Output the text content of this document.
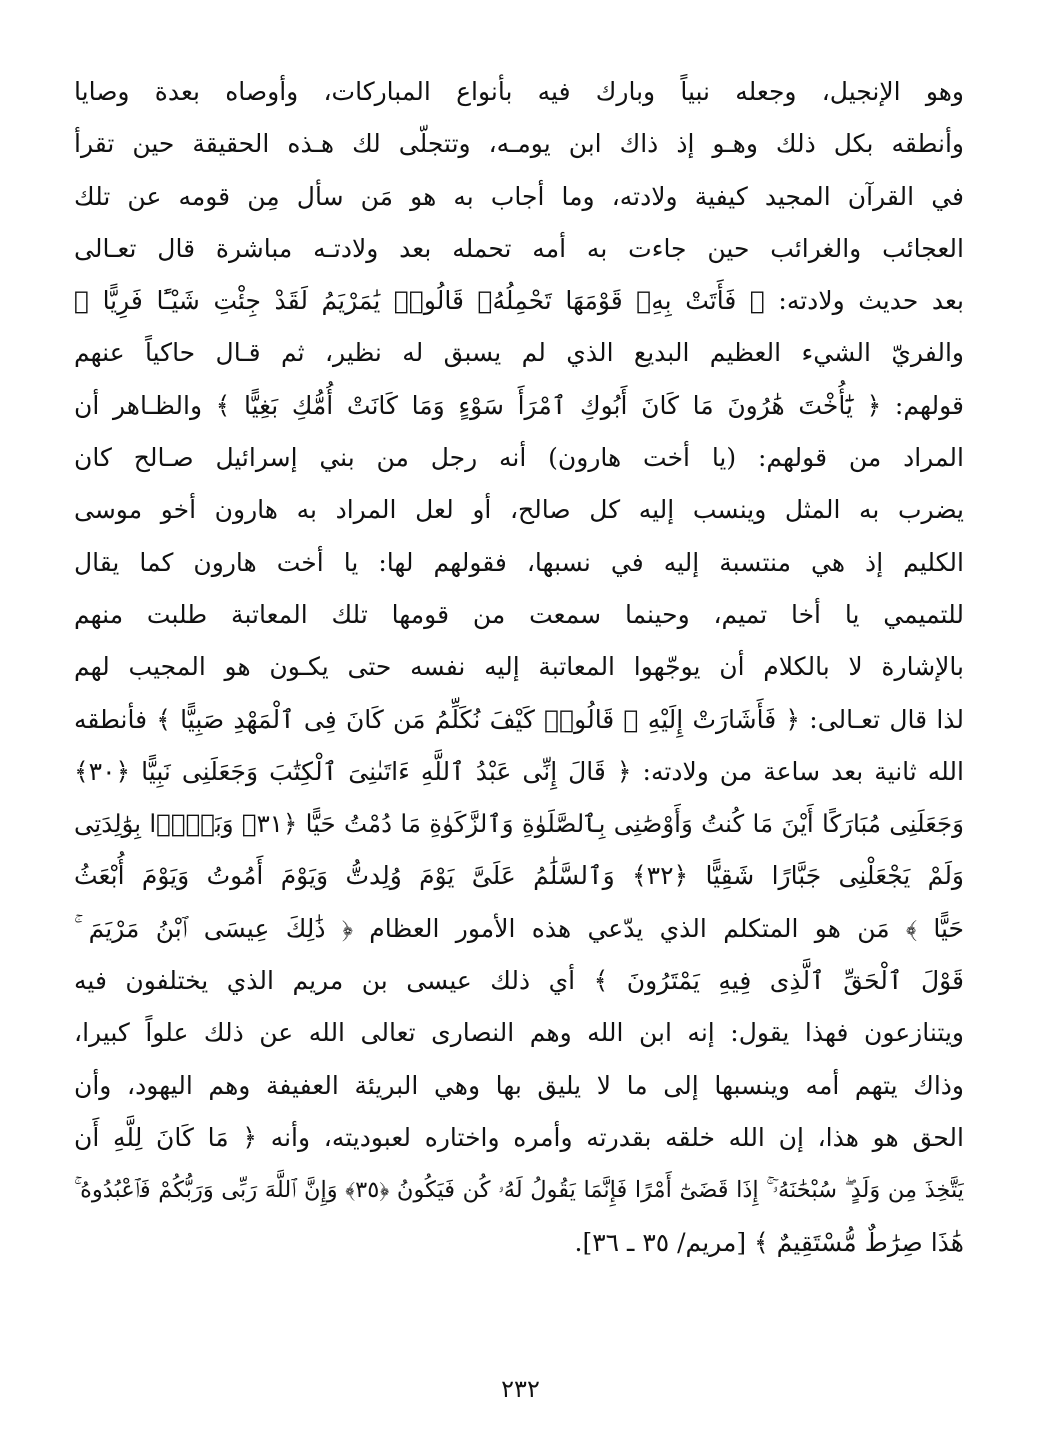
وهو الإنجيل، وجعله نبياً وبارك فيه بأنواع المباركات، وأوصاه بعدة وصايا
وأنطقه بكل ذلك وهـو إذ ذاك ابن يومـه، وتتجلّى لك هـذه الحقيقة حين تقرأ
في القرآن المجيد كيفية ولادته، وما أجاب به هو مَن سأل مِن قومه عن تلك
العجائب والغرائب حين جاءت به أمه تحمله بعد ولادتـه مباشرة قال تعـالى
بعد حديث ولادته: ﴿ فَأَتَتْ بِهِۦ قَوْمَهَا تَحْمِلُهُۥ قَالُوا۟ يَٰمَرْيَمُ لَقَدْ جِئْتِ شَيْـًٔا فَرِيًّا ﴾
والفريّ الشيء العظيم البديع الذي لم يسبق له نظير، ثم قـال حاكياً عنهم
قولهم: ﴿ يَٰٓأُخْتَ هَٰرُونَ مَا كَانَ أَبُوكِ ٱمْرَأَ سَوْءٍ وَمَا كَانَتْ أُمُّكِ بَغِيًّا ﴾ والظـاهر أن
المراد من قولهم: (يا أخت هارون) أنه رجل من بني إسرائيل صـالح كان
يضرب به المثل وينسب إليه كل صالح، أو لعل المراد به هارون أخو موسى
الكليم إذ هي منتسبة إليه في نسبها، فقولهم لها: يا أخت هارون كما يقال
للتميمي يا أخا تميم، وحينما سمعت من قومها تلك المعاتبة طلبت منهم
بالإشارة لا بالكلام أن يوجّهوا المعاتبة إليه نفسه حتى يكـون هو المجيب لهم
لذا قال تعـالى: ﴿ فَأَشَارَتْ إِلَيْهِ ۖ قَالُوا۟ كَيْفَ نُكَلِّمُ مَن كَانَ فِى ٱلْمَهْدِ صَبِيًّا ﴾ فأنطقه
الله ثانية بعد ساعة من ولادته: ﴿ قَالَ إِنِّى عَبْدُ ٱللَّهِ ءَاتَىٰنِىَ ٱلْكِتَٰبَ وَجَعَلَنِى نَبِيًّا ﴿٣٠﴾
وَجَعَلَنِى مُبَارَكًا أَيْنَ مَا كُنتُ وَأَوْصَٰنِى بِٱلصَّلَوٰةِ وَٱلزَّكَوٰةِ مَا دُمْتُ حَيًّا ﴿٣١﴾ وَبَرًّۢا بِوَٰلِدَتِى
وَلَمْ يَجْعَلْنِى جَبَّارًا شَقِيًّا ﴿٣٢﴾ وَٱلسَّلَٰمُ عَلَىَّ يَوْمَ وُلِدتُّ وَيَوْمَ أَمُوتُ وَيَوْمَ أُبْعَثُ
حَيًّا ﴾ مَن هو المتكلم الذي يدّعي هذه الأمور العظام ﴿ ذَٰلِكَ عِيسَى ٱبْنُ مَرْيَمَ ۚ
قَوْلَ ٱلْحَقِّ ٱلَّذِى فِيهِ يَمْتَرُونَ ﴾ أي ذلك عيسى بن مريم الذي يختلفون فيه
ويتنازعون فهذا يقول: إنه ابن الله وهم النصارى تعالى الله عن ذلك علواً كبيرا،
وذاك يتهم أمه وينسبها إلى ما لا يليق بها وهي البريئة العفيفة وهم اليهود، وأن
الحق هو هذا، إن الله خلقه بقدرته وأمره واختاره لعبوديته، وأنه ﴿ مَا كَانَ لِلَّهِ أَن
يَتَّخِذَ مِن وَلَدٍ ۖ سُبْحَٰنَهُۥٓ ۚ إِذَا قَضَىٰٓ أَمْرًا فَإِنَّمَا يَقُولُ لَهُۥ كُن فَيَكُونُ ﴿٣٥﴾ وَإِنَّ ٱللَّهَ رَبِّى وَرَبُّكُمْ فَٱعْبُدُوهُ ۚ
هَٰذَا صِرَٰطٌ مُّسْتَقِيمٌ ﴾ [مريم/ ٣٥ ـ ٣٦].
٢٣٢
